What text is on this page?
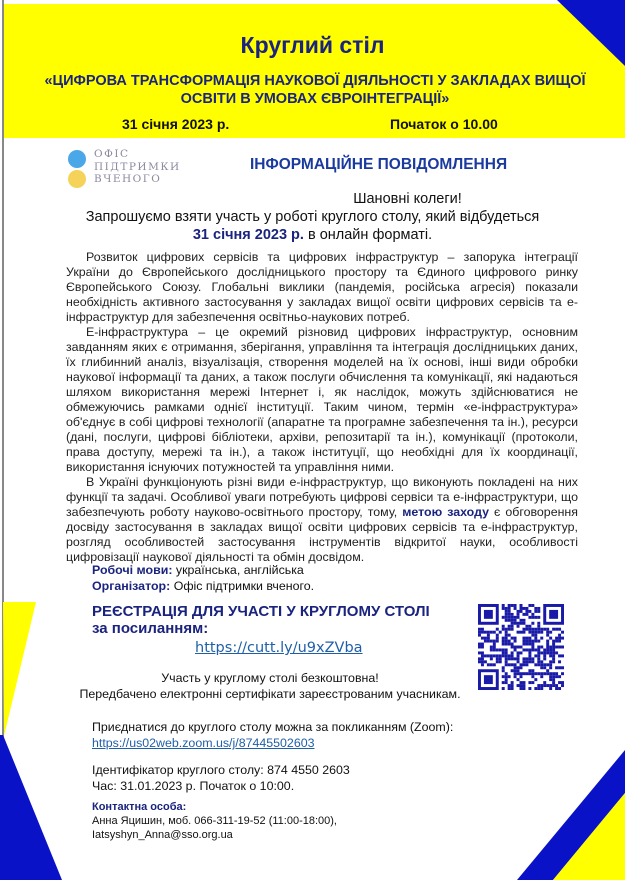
Круглий стіл
«ЦИФРОВА ТРАНСФОРМАЦІЯ НАУКОВОЇ ДІЯЛЬНОСТІ У ЗАКЛАДАХ ВИЩОЇ
ОСВІТИ В УМОВАХ ЄВРОІНТЕГРАЦІЇ»
31 січня 2023 р.	Початок о 10.00
ОФІС
ПІДТРИМКИ
ВЧЕНОГО
ІНФОРМАЦІЙНЕ ПОВІДОМЛЕННЯ
Шановні колеги!
Запрошуємо взяти участь у роботі круглого столу, який відбудеться
31 січня 2023 р. в онлайн форматі.

Розвиток цифрових сервісів та цифрових інфраструктур – запорука інтеграції України до Європейського дослідницького простору та Єдиного цифрового ринку Європейського Союзу. Глобальні виклики (пандемія, російська агресія) показали необхідність активного застосування у закладах вищої освіти цифрових сервісів та е-інфраструктур для забезпечення освітньо-наукових потреб.

Е-інфраструктура – це окремий різновид цифрових інфраструктур, основним завданням яких є отримання, зберігання, управління та інтеграція дослідницьких даних, їх глибинний аналіз, візуалізація, створення моделей на їх основі, інші види обробки наукової інформації та даних, а також послуги обчислення та комунікації, які надаються шляхом використання мережі Інтернет і, як наслідок, можуть здійснюватися не обмежуючись рамками однієї інституції. Таким чином, термін «е-інфраструктура» об'єднує в собі цифрові технології (апаратне та програмне забезпечення та ін.), ресурси (дані, послуги, цифрові бібліотеки, архіви, репозитарії та ін.), комунікації (протоколи, права доступу, мережі та ін.), а також інституції, що необхідні для їх координації, використання існуючих потужностей та управління ними.

В Україні функціонують різні види е-інфраструктур, що виконують покладені на них функції та задачі. Особливої уваги потребують цифрові сервіси та е-інфраструктури, що забезпечують роботу науково-освітнього простору, тому, метою заходу є обговорення досвіду застосування в закладах вищої освіти цифрових сервісів та е-інфраструктур, розгляд особливостей застосування інструментів відкритої науки, особливості цифровізації наукової діяльності та обмін досвідом.

Робочі мови: українська, англійська
Організатор: Офіс підтримки вченого.
РЕЄСТРАЦІЯ ДЛЯ УЧАСТІ У КРУГЛОМУ СТОЛІ
за посиланням:
https://cutt.ly/u9xZVba
Участь у круглому столі безкоштовна!
Передбачено електронні сертифікати зареєстрованим учасникам.
Приєднатися до круглого столу можна за покликанням (Zoom):
https://us02web.zoom.us/j/87445502603
Ідентифікатор круглого столу: 874 4550 2603
Час: 31.01.2023 р. Початок о 10:00.
Контактна особа:
Анна Яцишин, моб. 066-311-19-52 (11:00-18:00),
Iatsyshyn_Anna@sso.org.ua
